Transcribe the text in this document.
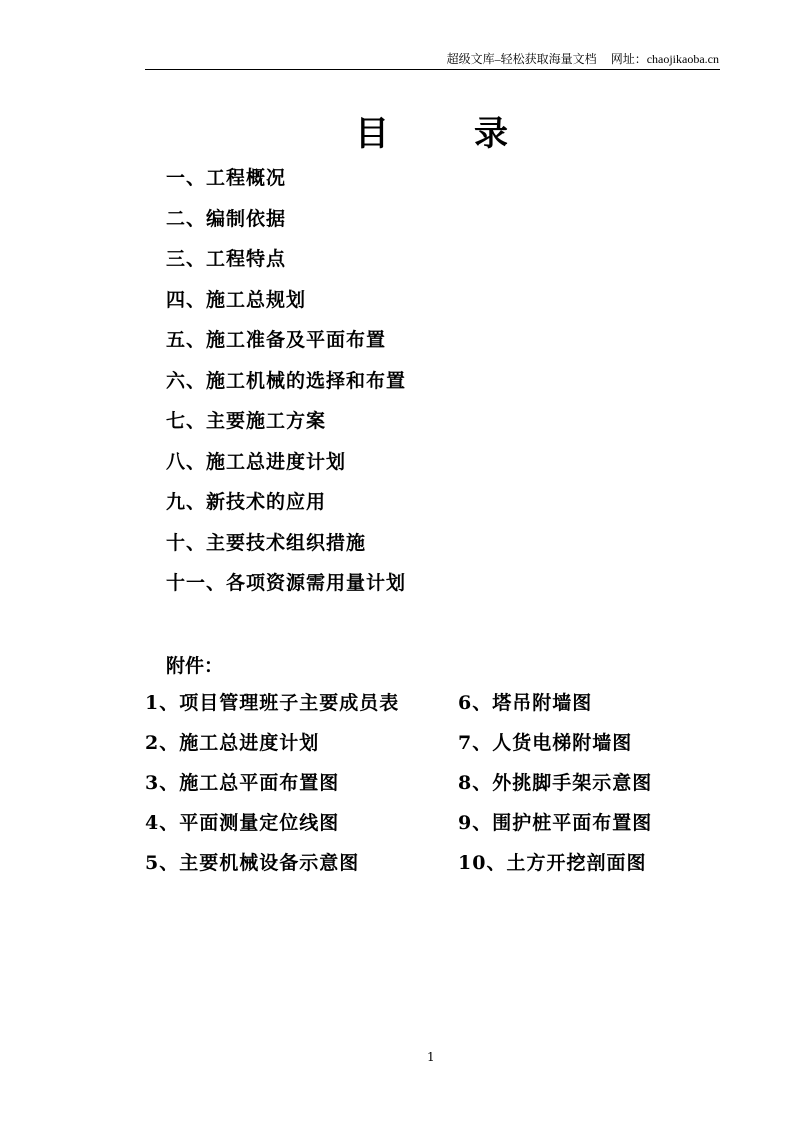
超级文库–轻松获取海量文档 网址：chaojikaoba.cn
目	录
一、工程概况
二、编制依据
三、工程特点
四、施工总规划
五、施工准备及平面布置
六、施工机械的选择和布置
七、主要施工方案
八、施工总进度计划
九、新技术的应用
十、主要技术组织措施
十一、各项资源需用量计划
附件：
1、项目管理班子主要成员表
2、施工总进度计划
3、施工总平面布置图
4、平面测量定位线图
5、主要机械设备示意图
6、塔吊附墙图
7、人货电梯附墙图
8、外挑脚手架示意图
9、围护桩平面布置图
10、土方开挖剖面图
1
